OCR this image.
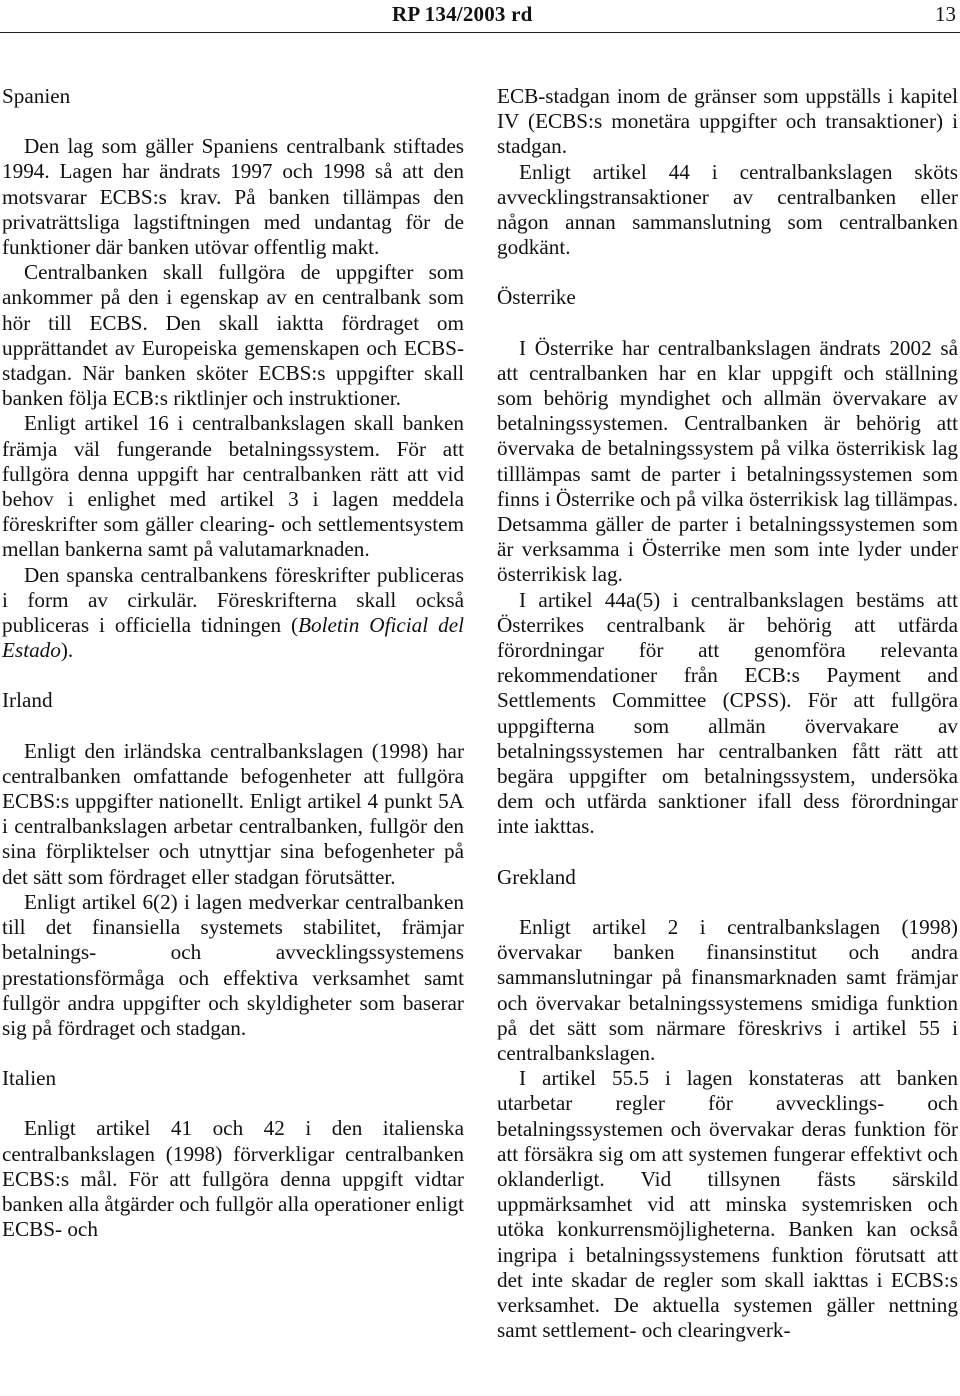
RP 134/2003 rd	13
Spanien

Den lag som gäller Spaniens centralbank stiftades 1994. Lagen har ändrats 1997 och 1998 så att den motsvarar ECBS:s krav. På banken tillämpas den privaträttsliga lagstiftningen med undantag för de funktioner där banken utövar offentlig makt.

Centralbanken skall fullgöra de uppgifter som ankommer på den i egenskap av en centralbank som hör till ECBS. Den skall iaktta fördraget om upprättandet av Europeiska gemenskapen och ECBS-stadgan. När banken sköter ECBS:s uppgifter skall banken följa ECB:s riktlinjer och instruktioner.

Enligt artikel 16 i centralbankslagen skall banken främja väl fungerande betalningssystem. För att fullgöra denna uppgift har centralbanken rätt att vid behov i enlighet med artikel 3 i lagen meddela föreskrifter som gäller clearing- och settlementsystem mellan bankerna samt på valutamarknaden.

Den spanska centralbankens föreskrifter publiceras i form av cirkulär. Föreskrifterna skall också publiceras i officiella tidningen (Boletin Oficial del Estado).

Irland

Enligt den irländska centralbankslagen (1998) har centralbanken omfattande befogenheter att fullgöra ECBS:s uppgifter nationellt. Enligt artikel 4 punkt 5A i centralbankslagen arbetar centralbanken, fullgör den sina förpliktelser och utnyttjar sina befogenheter på det sätt som fördraget eller stadgan förutsätter.

Enligt artikel 6(2) i lagen medverkar centralbanken till det finansiella systemets stabilitet, främjar betalnings- och avvecklingssystemens prestationsförmåga och effektiva verksamhet samt fullgör andra uppgifter och skyldigheter som baserar sig på fördraget och stadgan.

Italien

Enligt artikel 41 och 42 i den italienska centralbankslagen (1998) förverkligar centralbanken ECBS:s mål. För att fullgöra denna uppgift vidtar banken alla åtgärder och fullgör alla operationer enligt ECBS- och

ECB-stadgan inom de gränser som uppställs i kapitel IV (ECBS:s monetära uppgifter och transaktioner) i stadgan.

Enligt artikel 44 i centralbankslagen sköts avvecklingstransaktioner av centralbanken eller någon annan sammanslutning som centralbanken godkänt.

Österrike

I Österrike har centralbankslagen ändrats 2002 så att centralbanken har en klar uppgift och ställning som behörig myndighet och allmän övervakare av betalningssystemen. Centralbanken är behörig att övervaka de betalningssystem på vilka österrikisk lag tilllämpas samt de parter i betalningssystemen som finns i Österrike och på vilka österrikisk lag tillämpas. Detsamma gäller de parter i betalningssystemen som är verksamma i Österrike men som inte lyder under österrikisk lag.

I artikel 44a(5) i centralbankslagen bestäms att Österrikes centralbank är behörig att utfärda förordningar för att genomföra relevanta rekommendationer från ECB:s Payment and Settlements Committee (CPSS). För att fullgöra uppgifterna som allmän övervakare av betalningssystemen har centralbanken fått rätt att begära uppgifter om betalningssystem, undersöka dem och utfärda sanktioner ifall dess förordningar inte iakttas.

Grekland

Enligt artikel 2 i centralbankslagen (1998) övervakar banken finansinstitut och andra sammanslutningar på finansmarknaden samt främjar och övervakar betalningssystemens smidiga funktion på det sätt som närmare föreskrivs i artikel 55 i centralbankslagen.

I artikel 55.5 i lagen konstateras att banken utarbetar regler för avvecklings- och betalningssystemen och övervakar deras funktion för att försäkra sig om att systemen fungerar effektivt och oklanderligt. Vid tillsynen fästs särskild uppmärksamhet vid att minska systemrisken och utöka konkurrensmöjligheterna. Banken kan också ingripa i betalningssystemens funktion förutsatt att det inte skadar de regler som skall iakttas i ECBS:s verksamhet. De aktuella systemen gäller nettning samt settlement- och clearingverk-
